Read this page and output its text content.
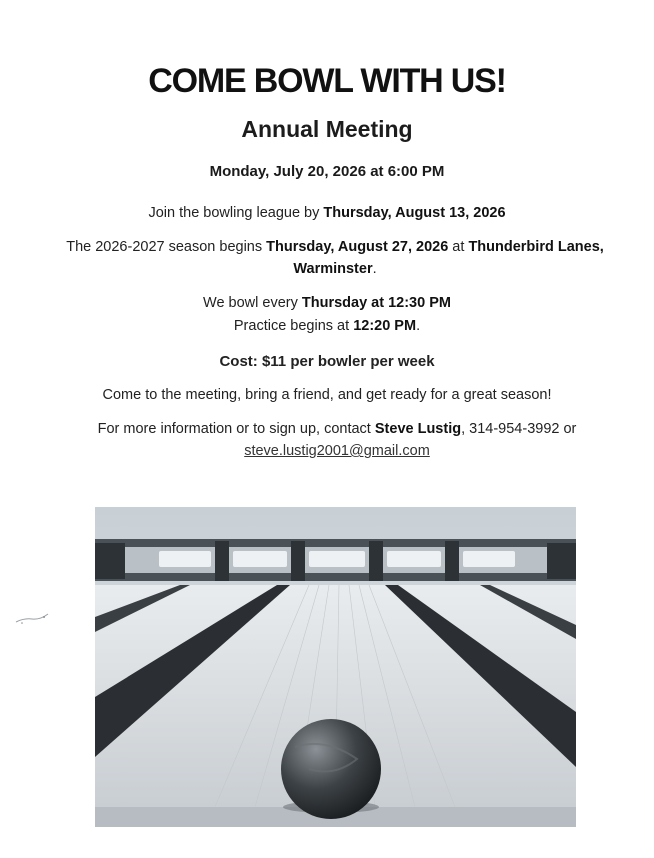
COME BOWL WITH US!
Annual Meeting
Monday, July 20, 2026 at 6:00 PM
Join the bowling league by Thursday, August 13, 2026
The 2026-2027 season begins Thursday, August 27, 2026 at Thunderbird Lanes, Warminster.
We bowl every Thursday at 12:30 PM
Practice begins at 12:20 PM.
Cost: $11 per bowler per week
Come to the meeting, bring a friend, and get ready for a great season!
For more information or to sign up, contact Steve Lustig, 314-954-3992 or
steve.lustig2001@gmail.com
